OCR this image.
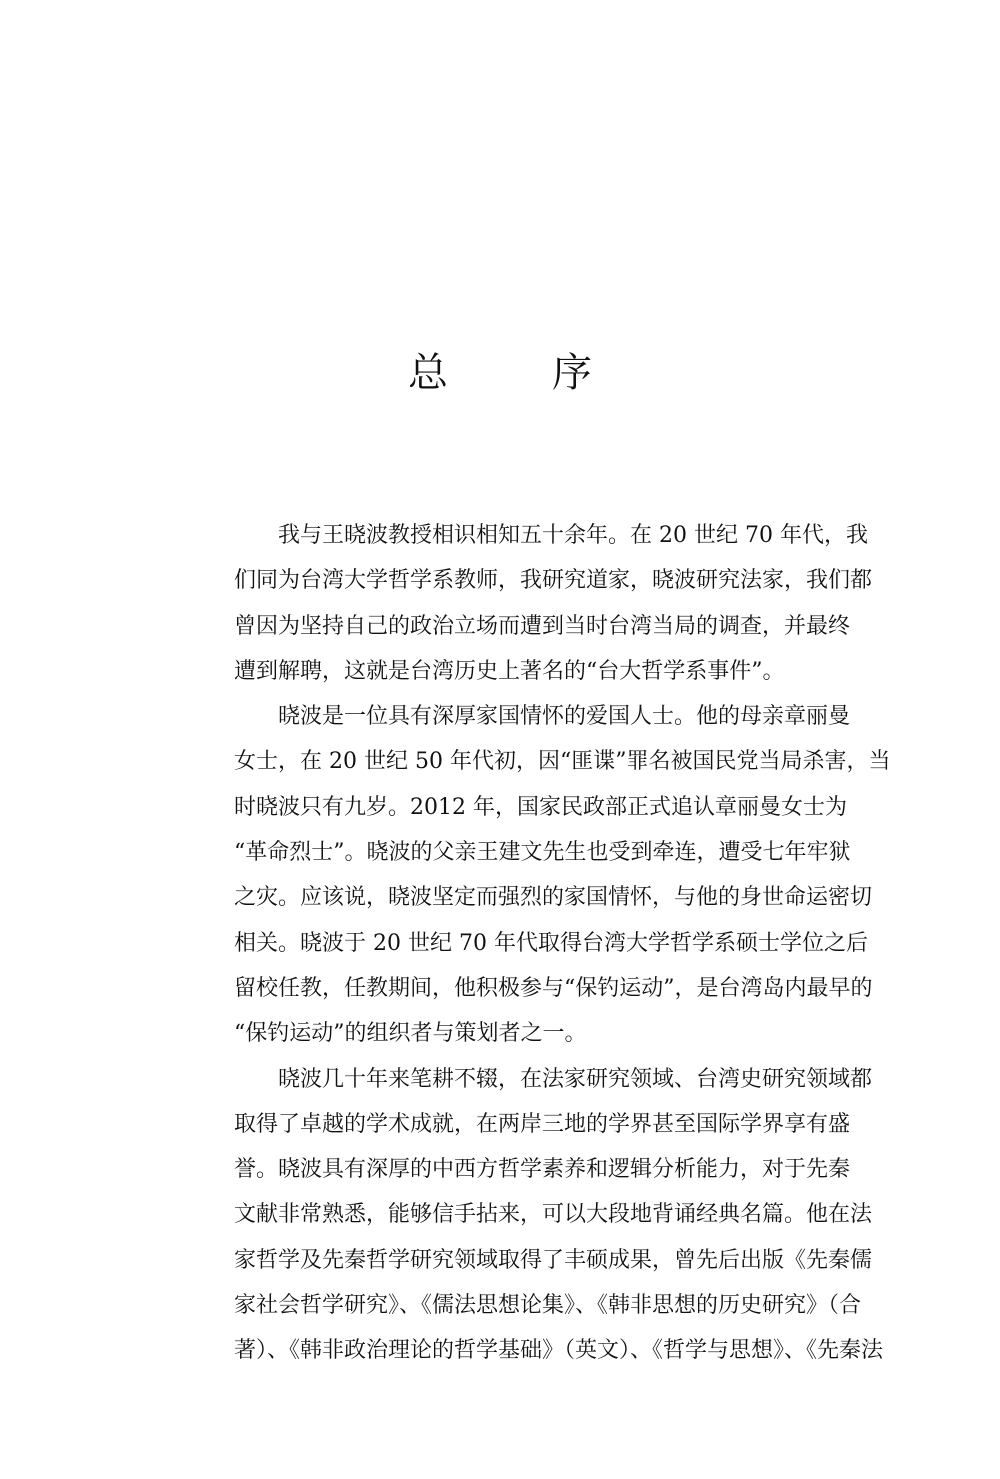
总	序
我与王晓波教授相识相知五十余年。在 20 世纪 70 年代，我
们同为台湾大学哲学系教师，我研究道家，晓波研究法家，我们都
曾因为坚持自己的政治立场而遭到当时台湾当局的调查，并最终
遭到解聘，这就是台湾历史上著名的“台大哲学系事件”。
晓波是一位具有深厚家国情怀的爱国人士。他的母亲章丽曼
女士，在 20 世纪 50 年代初，因“匪谍”罪名被国民党当局杀害，当
时晓波只有九岁。2012 年，国家民政部正式追认章丽曼女士为
“革命烈士”。晓波的父亲王建文先生也受到牵连，遭受七年牢狱
之灾。应该说，晓波坚定而强烈的家国情怀，与他的身世命运密切
相关。晓波于 20 世纪 70 年代取得台湾大学哲学系硕士学位之后
留校任教，任教期间，他积极参与“保钓运动”，是台湾岛内最早的
“保钓运动”的组织者与策划者之一。
晓波几十年来笔耕不辍，在法家研究领域、台湾史研究领域都
取得了卓越的学术成就，在两岸三地的学界甚至国际学界享有盛
誉。晓波具有深厚的中西方哲学素养和逻辑分析能力，对于先秦
文献非常熟悉，能够信手拈来，可以大段地背诵经典名篇。他在法
家哲学及先秦哲学研究领域取得了丰硕成果，曾先后出版《先秦儒
家社会哲学研究》、《儒法思想论集》、《韩非思想的历史研究》（合
著）、《韩非政治理论的哲学基础》（英文）、《哲学与思想》、《先秦法
